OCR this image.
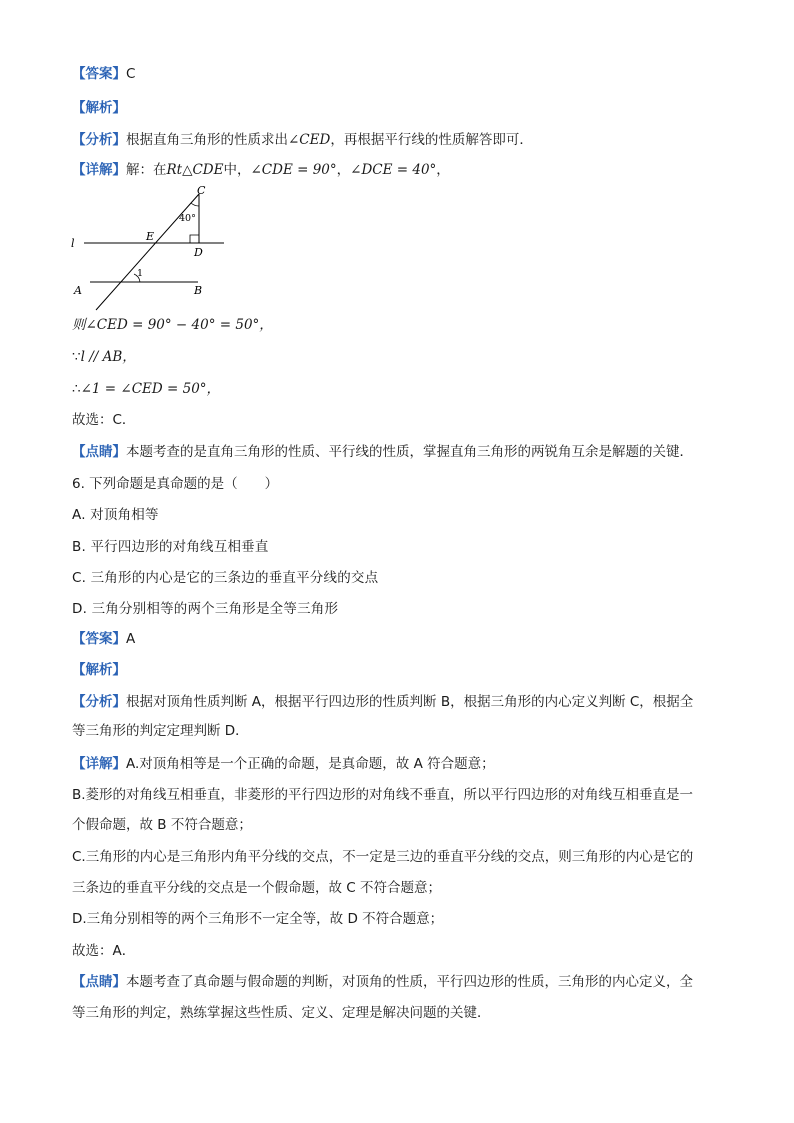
【答案】C
【解析】
【分析】根据直角三角形的性质求出∠CED，再根据平行线的性质解答即可．
【详解】解：在Rt△CDE中，∠CDE = 90°，∠DCE = 40°，
C
40°
l
E
D
1
A	B
则∠CED = 90° − 40° = 50°，
∵l // AB，
∴∠1 = ∠CED = 50°，
故选：C．
【点睛】本题考查的是直角三角形的性质、平行线的性质，掌握直角三角形的两锐角互余是解题的关键．
6. 下列命题是真命题的是（　　）
A. 对顶角相等
B. 平行四边形的对角线互相垂直
C. 三角形的内心是它的三条边的垂直平分线的交点
D. 三角分别相等的两个三角形是全等三角形
【答案】A
【解析】
【分析】根据对顶角性质判断 A，根据平行四边形的性质判断 B，根据三角形的内心定义判断 C，根据全
等三角形的判定定理判断 D．
【详解】A.对顶角相等是一个正确的命题，是真命题，故 A 符合题意；
B.菱形的对角线互相垂直，非菱形的平行四边形的对角线不垂直，所以平行四边形的对角线互相垂直是一
个假命题，故 B 不符合题意；
C.三角形的内心是三角形内角平分线的交点，不一定是三边的垂直平分线的交点，则三角形的内心是它的
三条边的垂直平分线的交点是一个假命题，故 C 不符合题意；
D.三角分别相等的两个三角形不一定全等，故 D 不符合题意；
故选：A．
【点睛】本题考查了真命题与假命题的判断，对顶角的性质，平行四边形的性质，三角形的内心定义，全
等三角形的判定，熟练掌握这些性质、定义、定理是解决问题的关键．
